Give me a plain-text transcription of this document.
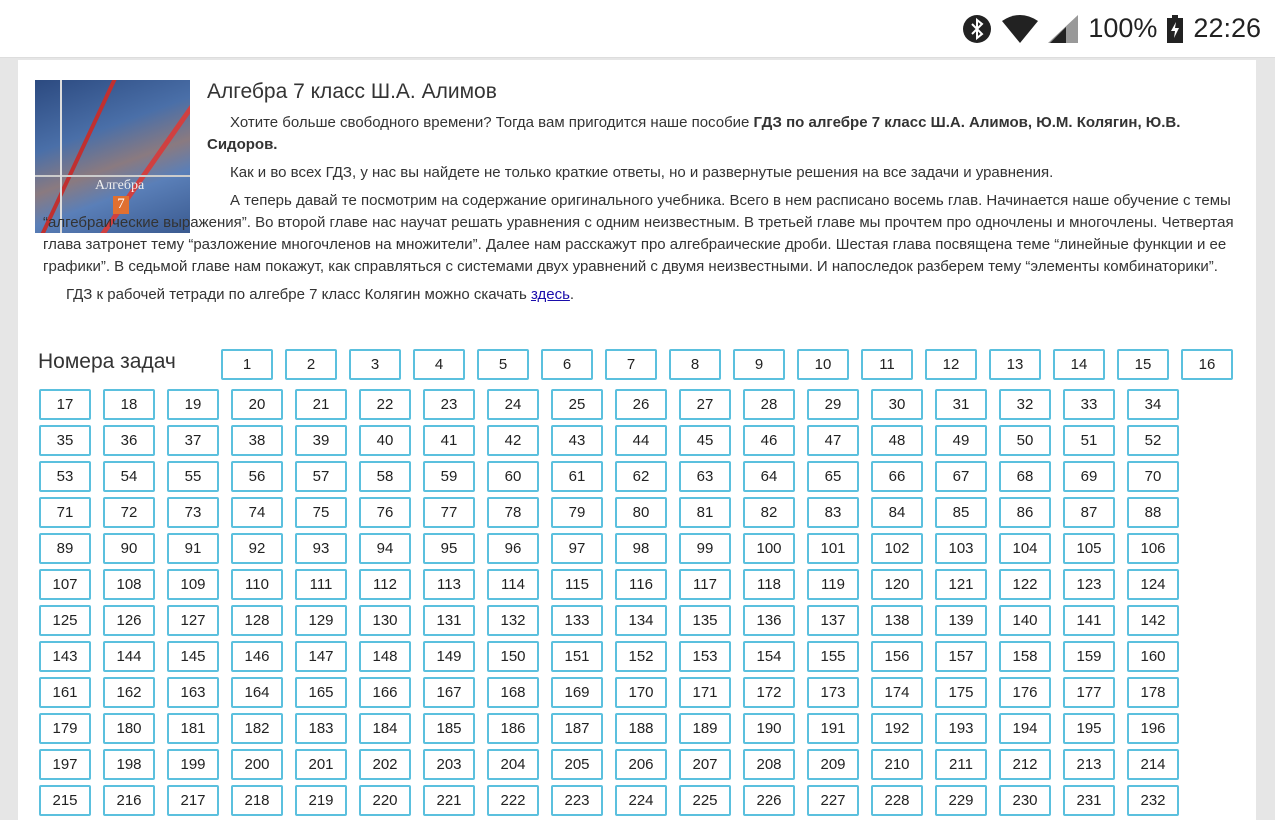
100% 22:26
Алгебра
7
Алгебра 7 класс Ш.А. Алимов

Хотите больше свободного времени? Тогда вам пригодится наше пособие ГДЗ по алгебре 7 класс Ш.А. Алимов, Ю.М. Колягин, Ю.В. Сидоров.

Как и во всех ГДЗ, у нас вы найдете не только краткие ответы, но и развернутые решения на все задачи и уравнения.

А теперь давай те посмотрим на содержание оригинального учебника. Всего в нем расписано восемь глав. Начинается наше обучение с темы “алгебраические выражения”. Во второй главе нас научат решать уравнения с одним неизвестным. В третьей главе мы прочтем про одночлены и многочлены. Четвертая глава затронет тему “разложение многочленов на множители”. Далее нам расскажут про алгебраические дроби. Шестая глава посвящена теме “линейные функции и ее графики”. В седьмой главе нам покажут, как справляться с системами двух уравнений с двумя неизвестными. И напоследок разберем тему “элементы комбинаторики”.

ГДЗ к рабочей тетради по алгебре 7 класс Колягин можно скачать здесь.

Номера задач	1	2	3	4	5	6	7	8	9	10	11	12	13	14	15	16
17	18	19	20	21	22	23	24	25	26	27	28	29	30	31	32	33	34
35	36	37	38	39	40	41	42	43	44	45	46	47	48	49	50	51	52
53	54	55	56	57	58	59	60	61	62	63	64	65	66	67	68	69	70
71	72	73	74	75	76	77	78	79	80	81	82	83	84	85	86	87	88
89	90	91	92	93	94	95	96	97	98	99	100	101	102	103	104	105	106
107	108	109	110	111	112	113	114	115	116	117	118	119	120	121	122	123	124
125	126	127	128	129	130	131	132	133	134	135	136	137	138	139	140	141	142
143	144	145	146	147	148	149	150	151	152	153	154	155	156	157	158	159	160
161	162	163	164	165	166	167	168	169	170	171	172	173	174	175	176	177	178
179	180	181	182	183	184	185	186	187	188	189	190	191	192	193	194	195	196
197	198	199	200	201	202	203	204	205	206	207	208	209	210	211	212	213	214
215	216	217	218	219	220	221	222	223	224	225	226	227	228	229	230	231	232
